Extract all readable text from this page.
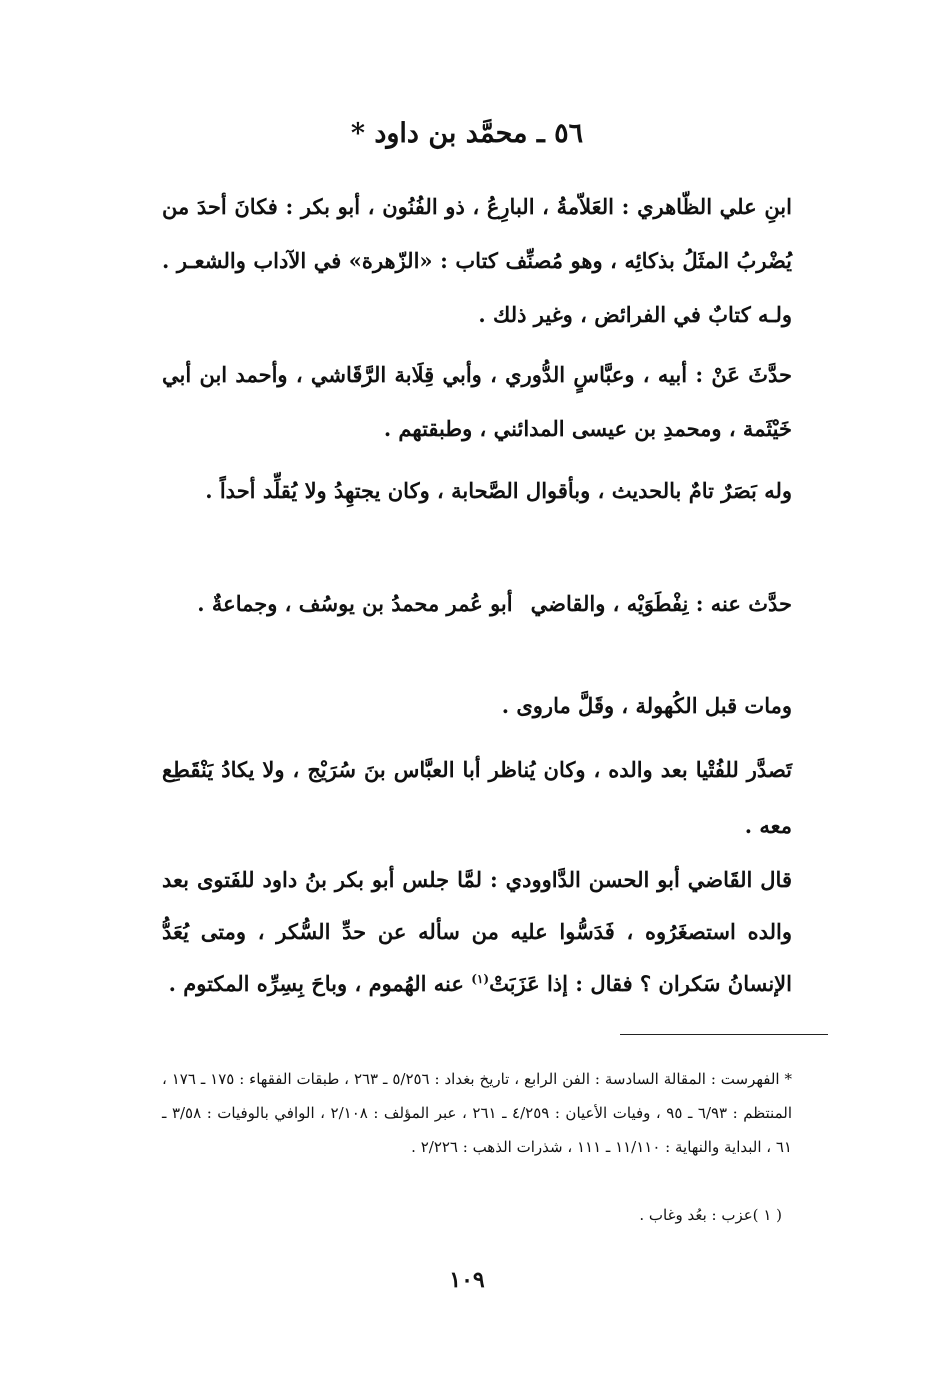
٥٦ ـ محمَّد بن داود *
ابنِ علي الظّاهري : العَلاّمةُ ، البارِعُ ، ذو الفُنُون ، أبو بكر : فكانَ أحدَ من يُضْربُ المثَلُ بذكائِه ، وهو مُصنِّف كتاب : «الزّهرة» في الآداب والشعـر . ولـه كتابٌ في الفرائض ، وغير ذلك .
حدَّثَ عَنْ : أبيه ، وعبَّاسٍ الدُّوري ، وأبي قِلَابة الرَّقَاشي ، وأحمد ابن أبي خَيْثَمة ، ومحمدِ بن عيسى المدائني ، وطبقتهم .
وله بَصَرٌ تامٌ بالحديث ، وبأقوال الصَّحابة ، وكان يجتهِدُ ولا يُقلِّد أحداً .
حدَّث عنه : نِفْطَوَيْه ، والقاضيأبو عُمر محمدُ بن يوسُف ، وجماعةٌ .
ومات قبل الكُهولة ، وقَلَّ ماروى .
تَصدَّر للفُتْيا بعد والده ، وكان يُناظر أبا العبَّاس بنَ سُرَيْج ، ولا يكادُ يَنْقَطِع معه .
قال القَاضي أبو الحسن الدَّاوودي : لمَّا جلس أبو بكر بنُ داود للفَتوى بعد والده استصغَرُوه ، فَدَسُّوا عليه من سأله عن حدِّ السُّكر ، ومتى يُعَدُّ الإنسانُ سَكران ؟ فقال : إذا عَزَبَتْ$^{(١)}$ عنه الهُموم ، وباحَ بِسِرِّه المكتوم .
* الفهرست : المقالة السادسة : الفن الرابع ، تاريخ بغداد : ٥/٢٥٦ ـ ٢٦٣ ، طبقات الفقهاء : ١٧٥ ـ ١٧٦ ، المنتظم : ٦/٩٣ ـ ٩٥ ، وفيات الأعيان : ٤/٢٥٩ ـ ٢٦١ ، عبر المؤلف : ٢/١٠٨ ، الوافي بالوفيات : ٣/٥٨ ـ ٦١ ، البداية والنهاية : ١١/١١٠ ـ ١١١ ، شذرات الذهب : ٢/٢٢٦ .
( ١ )عزب : بعُد وغاب .
١٠٩
